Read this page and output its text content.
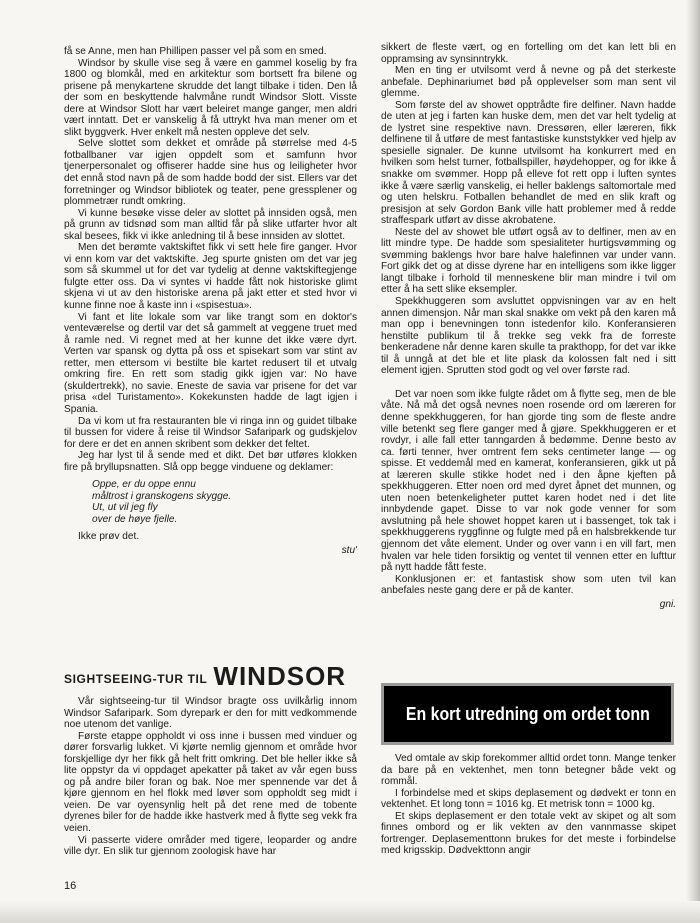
få se Anne, men han Phillipen passer vel på som en smed.

Windsor by skulle vise seg å være en gammel koselig by fra 1800 og blomkål, med en arkitektur som bortsett fra bilene og prisene på menykartene skrudde det langt tilbake i tiden. Den lå der som en beskyttende halvmåne rundt Windsor Slott. Visste dere at Windsor Slott har vært beleiret mange ganger, men aldri vært inntatt. Det er vanskelig å få uttrykt hva man mener om et slikt byggverk. Hver enkelt må nesten oppleve det selv.

Selve slottet som dekket et område på størrelse med 4-5 fotballbaner var igjen oppdelt som et samfunn hvor tjenerpersonalet og offiserer hadde sine hus og leiligheter hvor det ennå stod navn på de som hadde bodd der sist. Ellers var det forretninger og Windsor bibliotek og teater, pene gressplener og plommetrær rundt omkring.

Vi kunne besøke visse deler av slottet på innsiden også, men på grunn av tidsnød som man alltid får på slike utfarter hvor alt skal besees, fikk vi ikke anledning til å bese innsiden av slottet.

Men det berømte vaktskiftet fikk vi sett hele fire ganger. Hvor vi enn kom var det vaktskifte. Jeg spurte gnisten om det var jeg som så skummel ut for det var tydelig at denne vaktskiftegjenge fulgte etter oss. Da vi syntes vi hadde fått nok historiske glimt skjena vi ut av den historiske arena på jakt etter et sted hvor vi kunne finne noe å kaste inn i «spisestua».

Vi fant et lite lokale som var like trangt som en doktor's venteværelse og dertil var det så gammelt at veggene truet med å ramle ned. Vi regnet med at her kunne det ikke være dyrt. Verten var spansk og dytta på oss et spisekart som var stint av retter, men ettersom vi bestilte ble kartet redusert til et utvalg omkring fire. En rett som stadig gikk igjen var: No have (skuldertrekk), no savie. Eneste de savia var prisene for det var prisa «del Turistamento». Kokekunsten hadde de lagt igjen i Spania.

Da vi kom ut fra restauranten ble vi ringa inn og guidet tilbake til bussen for videre å reise til Windsor Safaripark og gudskjelov for dere er det en annen skribent som dekker det feltet.

Jeg har lyst til å sende med et dikt. Det bør utføres klokken fire på bryllupsnatten. Slå opp begge vinduene og deklamer:

Oppe, er du oppe ennu
måltrost i granskogens skygge.
Ut, ut vil jeg fly
over de høye fjelle.

Ikke prøv det.

stu'
SIGHTSEEING-TUR TIL WINDSOR

Vår sightseeing-tur til Windsor bragte oss uvilkårlig innom Windsor Safaripark. Som dyrepark er den for mitt vedkommende noe utenom det vanlige.

Første etappe oppholdt vi oss inne i bussen med vinduer og dører forsvarlig lukket. Vi kjørte nemlig gjennom et område hvor forskjellige dyr her fikk gå helt fritt omkring. Det ble heller ikke så lite oppstyr da vi oppdaget apekatter på taket av vår egen buss og på andre biler foran og bak. Noe mer spennende var det å kjøre gjennom en hel flokk med løver som oppholdt seg midt i veien. De var oyensynlig helt på det rene med de tobente dyrenes biler for de hadde ikke hastverk med å flytte seg vekk fra veien.

Vi passerte videre områder med tigere, leoparder og andre ville dyr. En slik tur gjennom zoologisk have har

sikkert de fleste vært, og en fortelling om det kan lett bli en oppramsing av synsinntrykk.

Men en ting er utvilsomt verd å nevne og på det sterkeste anbefale. Dephinariumet bød på opplevelser som man sent vil glemme.

Som første del av showet opptrådte fire delfiner. Navn hadde de uten at jeg i farten kan huske dem, men det var helt tydelig at de lystret sine respektive navn. Dressøren, eller læreren, fikk delfinene til å utføre de mest fantastiske kunststykker ved hjelp av spesielle signaler. De kunne utvilsomt ha konkurrert med en hvilken som helst turner, fotballspiller, høydehopper, og for ikke å snakke om svømmer. Hopp på elleve fot rett opp i luften syntes ikke å være særlig vanskelig, ei heller baklengs saltomortale med og uten helskru. Fotballen behandlet de med en slik kraft og presisjon at selv Gordon Bank ville hatt problemer med å redde straffespark utført av disse akrobatene.

Neste del av showet ble utført også av to delfiner, men av en litt mindre type. De hadde som spesialiteter hurtigsvømming og svømming baklengs hvor bare halve halefinnen var under vann. Fort gikk det og at disse dyrene har en intelligens som ikke ligger langt tilbake i forhold til menneskene blir man mindre i tvil om etter å ha sett slike eksempler.

Spekkhuggeren som avsluttet oppvisningen var av en helt annen dimensjon. Når man skal snakke om vekt på den karen må man opp i benevningen tonn istedenfor kilo. Konferansieren henstilte publikum til å trekke seg vekk fra de forreste benkeradene når denne karen skulle ta prakthopp, for det var ikke til å unngå at det ble et lite plask da kolossen falt ned i sitt element igjen. Sprutten stod godt og vel over første rad.

Det var noen som ikke fulgte rådet om å flytte seg, men de ble våte. Nå må det også nevnes noen rosende ord om læreren for denne spekkhuggeren, for han gjorde ting som de fleste andre ville betenkt seg flere ganger med å gjøre. Spekkhuggeren er et rovdyr, i alle fall etter tanngarden å bedømme. Denne besto av ca. førti tenner, hver omtrent fem seks centimeter lange — og spisse. Et veddemål med en kamerat, konferansieren, gikk ut på at læreren skulle stikke hodet ned i den åpne kjeften på spekkhuggeren. Etter noen ord med dyret åpnet det munnen, og uten noen betenkeligheter puttet karen hodet ned i det lite innbydende gapet. Disse to var nok gode venner for som avslutning på hele showet hoppet karen ut i bassenget, tok tak i spekkhuggerens ryggfinne og fulgte med på en halsbrekkende tur gjennom det våte element. Under og over vann i en vill fart, men hvalen var hele tiden forsiktig og ventet til vennen etter en lufttur på nytt hadde fått feste.

Konklusjonen er: et fantastisk show som uten tvil kan anbefales neste gang dere er på de kanter.

gni.
En kort utredning om ordet tonn

Ved omtale av skip forekommer alltid ordet tonn. Mange tenker da bare på en vektenhet, men tonn betegner både vekt og rommål.

I forbindelse med et skips deplasement og dødvekt er tonn en vektenhet. Et long tonn = 1016 kg. Et metrisk tonn = 1000 kg.

Et skips deplasement er den totale vekt av skipet og alt som finnes ombord og er lik vekten av den vannmasse skipet fortrenger. Deplasementtonn brukes for det meste i forbindelse med krigsskip. Dødvekttonn angir

16
